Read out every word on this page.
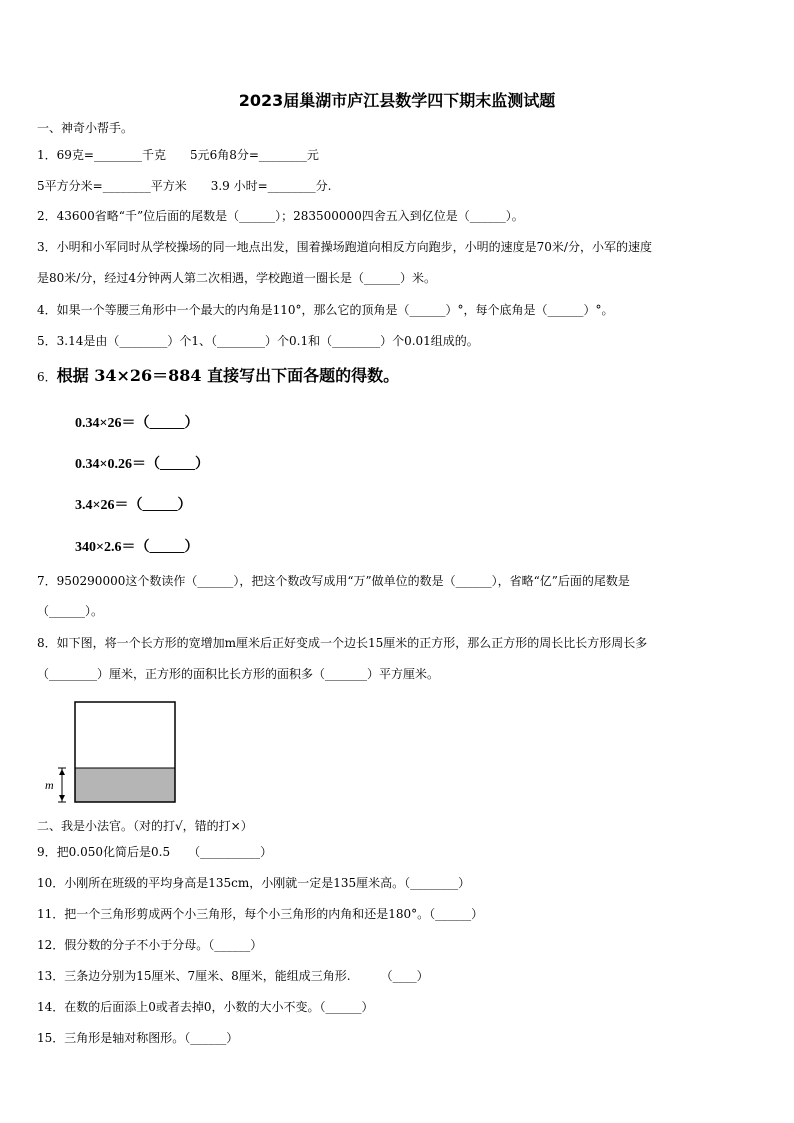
2023届巢湖市庐江县数学四下期末监测试题
一、神奇小帮手。
1．69克=________千克　　5元6角8分=________元
5平方分米=________平方米　　3.9 小时=________分.
2．43600省略“千”位后面的尾数是（______）；283500000四舍五入到亿位是（______）。
3．小明和小军同时从学校操场的同一地点出发，围着操场跑道向相反方向跑步，小明的速度是70米/分，小军的速度
是80米/分，经过4分钟两人第二次相遇，学校跑道一圈长是（______）米。
4．如果一个等腰三角形中一个最大的内角是110°，那么它的顶角是（______）°，每个底角是（______）°。
5．3.14是由（________）个1、（________）个0.1和（________）个0.01组成的。
6．根据 34×26＝884 直接写出下面各题的得数。
0.34×26＝（_____）
0.34×0.26＝（_____）
3.4×26＝（_____）
340×2.6＝（_____）
7．950290000这个数读作（______），把这个数改写成用“万”做单位的数是（______），省略“亿”后面的尾数是
（______）。
8．如下图，将一个长方形的宽增加m厘米后正好变成一个边长15厘米的正方形，那么正方形的周长比长方形周长多
（________）厘米，正方形的面积比长方形的面积多（_______）平方厘米。
m
二、我是小法官。（对的打√，错的打×）
9．把0.050化简后是0.5　　（__________）
10．小刚所在班级的平均身高是135cm，小刚就一定是135厘米高。（________）
11．把一个三角形剪成两个小三角形，每个小三角形的内角和还是180°。（______）
12．假分数的分子不小于分母。（______）
13．三条边分别为15厘米、7厘米、8厘米，能组成三角形.　　　（____）
14．在数的后面添上0或者去掉0，小数的大小不变。（______）
15．三角形是轴对称图形。（______）
